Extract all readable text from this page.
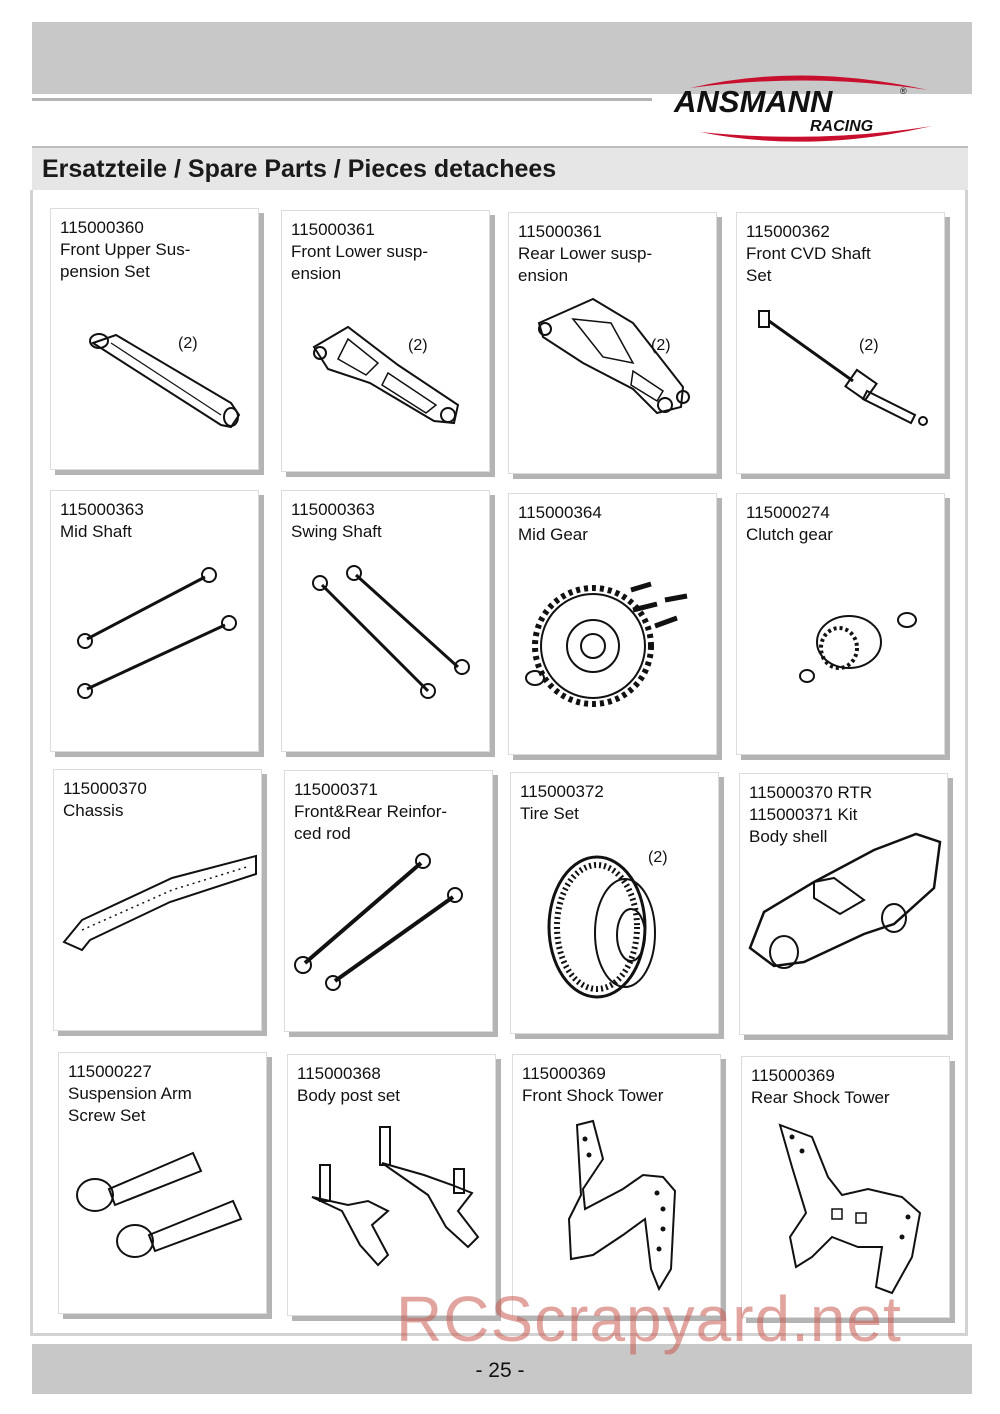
ANSMANN	®
RACING
Ersatzteile / Spare Parts / Pieces detachees
115000360
Front Upper Sus-
pension Set
(2)
115000361
Front Lower susp-
ension
(2)
115000361
Rear Lower susp-
ension
(2)
115000362
Front CVD Shaft
Set
(2)
115000363
Mid Shaft
115000363
Swing Shaft
115000364
Mid Gear
115000274
Clutch gear
115000370
Chassis
115000371
Front&Rear Reinfor-
ced rod
115000372
Tire Set
(2)
115000370 RTR
115000371 Kit
Body shell
115000227
Suspension Arm
Screw Set
115000368
Body post set
115000369
Front Shock Tower
115000369
Rear Shock Tower
- 25 -
RCScrapyard.net
